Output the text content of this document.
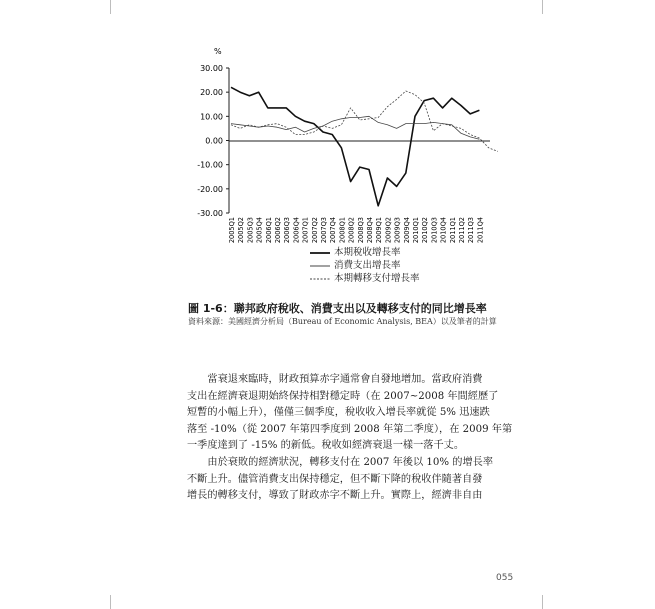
%
30.00
20.00
10.00
0.00
-10.00
-20.00
-30.00
2005Q1 2005Q2 2005Q3 2005Q4 2006Q1 2006Q2 2006Q3 2006Q4 2007Q1 2007Q2 2007Q3 2007Q4 2008Q1 2008Q2 2008Q3 2008Q4 2009Q1 2009Q2 2009Q3 2009Q4 2010Q1 2010Q2 2010Q3 2010Q4 2011Q1 2011Q2 2011Q3 2011Q4
本期稅收增長率
消費支出增長率
本期轉移支付增長率
圖 1-6：聯邦政府稅收、消費支出以及轉移支付的同比增長率
資料來源：美國經濟分析局（Bureau of Economic Analysis, BEA）以及筆者的計算

當衰退來臨時，財政預算赤字通常會自發地增加。當政府消費
支出在經濟衰退期始終保持相對穩定時（在 2007~2008 年間經歷了
短暫的小幅上升），僅僅三個季度，稅收收入增長率就從 5% 迅速跌
落至 -10%（從 2007 年第四季度到 2008 年第二季度），在 2009 年第
一季度達到了 -15% 的新低。稅收如經濟衰退一樣一落千丈。

由於衰敗的經濟狀況，轉移支付在 2007 年後以 10% 的增長率
不斷上升。儘管消費支出保持穩定，但不斷下降的稅收伴隨著自發
增長的轉移支付，導致了財政赤字不斷上升。實際上，經濟非自由

055
